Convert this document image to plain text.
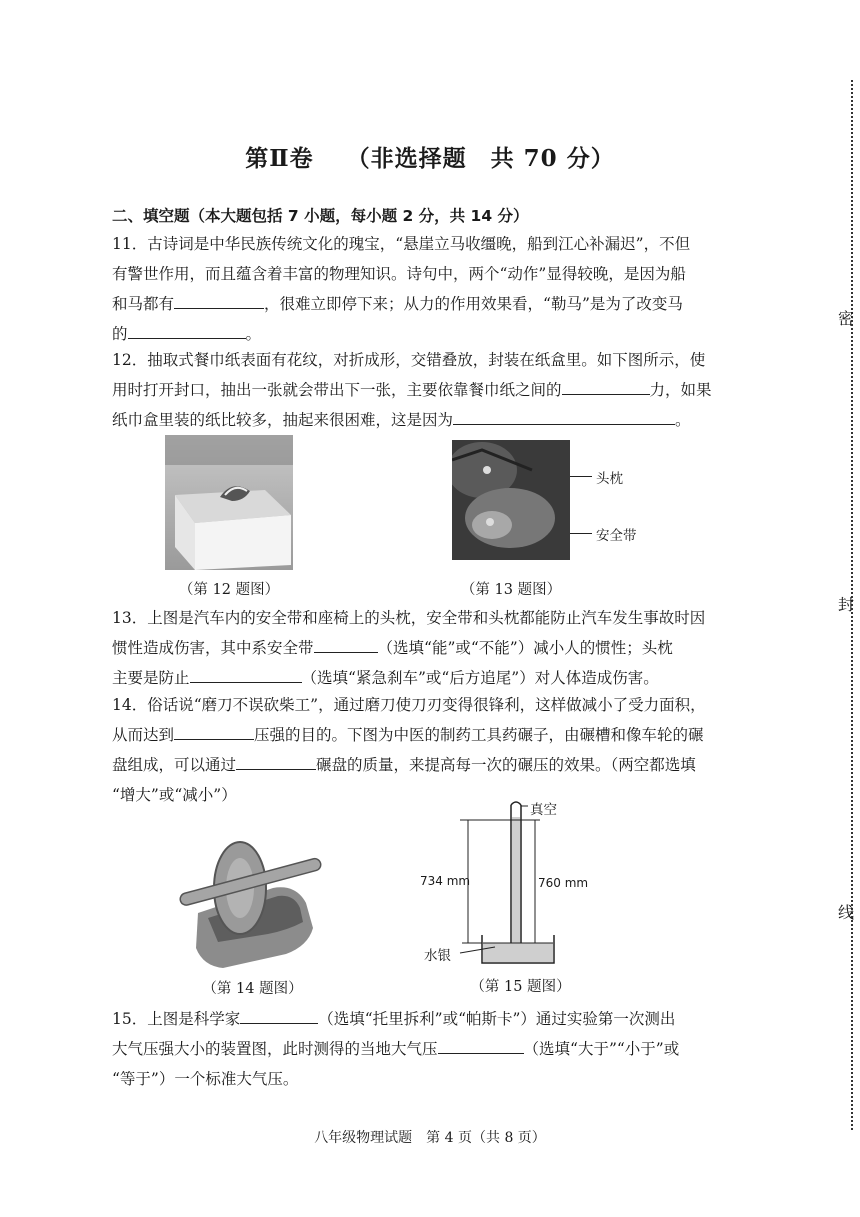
第Ⅱ卷　 （非选择题　共 70 分）
二、填空题（本大题包括 7 小题，每小题 2 分，共 14 分）
11．古诗词是中华民族传统文化的瑰宝，“悬崖立马收缰晚，船到江心补漏迟”，不但
有警世作用，而且蕴含着丰富的物理知识。诗句中，两个“动作”显得较晚，是因为船
和马都有	，很难立即停下来；从力的作用效果看，“勒马”是为了改变马
的	。
12．抽取式餐巾纸表面有花纹，对折成形，交错叠放，封装在纸盒里。如下图所示，使
用时打开封口，抽出一张就会带出下一张，主要依靠餐巾纸之间的	力，如果
纸巾盒里装的纸比较多，抽起来很困难，这是因为	。
（第 12 题图）
头枕
安全带
（第 13 题图）
13．上图是汽车内的安全带和座椅上的头枕，安全带和头枕都能防止汽车发生事故时因
惯性造成伤害，其中系安全带	（选填“能”或“不能”）减小人的惯性；头枕
主要是防止	（选填“紧急刹车”或“后方追尾”）对人体造成伤害。
14．俗话说“磨刀不误砍柴工”，通过磨刀使刀刃变得很锋利，这样做减小了受力面积，
从而达到	压强的目的。下图为中医的制药工具药碾子，由碾槽和像车轮的碾
盘组成，可以通过	碾盘的质量，来提高每一次的碾压的效果。（两空都选填
“增大”或“减小”）
（第 14 题图）
真空
734 mm	760 mm
水银
（第 15 题图）
15．上图是科学家	（选填“托里拆利”或“帕斯卡”）通过实验第一次测出
大气压强大小的装置图，此时测得的当地大气压	（选填“大于”“小于”或
“等于”）一个标准大气压。
八年级物理试题　第 4 页（共 8 页）
密
封
线
